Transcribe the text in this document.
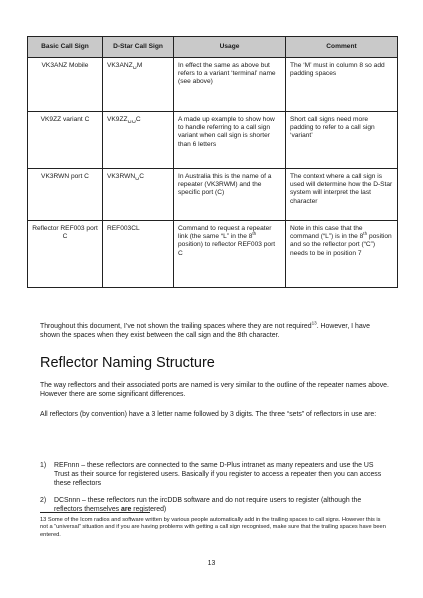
Basic Call Sign	D-Star Call Sign	Usage	Comment
VK3ANZ Mobile	VK3ANZ␣M	In effect the same as above but refers to a variant ‘terminal’ name (see above)	The ‘M’ must in column 8 so add padding spaces
VK9ZZ variant C	VK9ZZ␣␣C	A made up example to show how to handle referring to a call sign variant when call sign is shorter than 6 letters	Short call signs need more padding to refer to a call sign ‘variant’
VK3RWN port C	VK3RWN␣C	In Australia this is the name of a repeater (VK3RWM) and the specific port (C)	The context where a call sign is used will determine how the D-Star system will interpret the last character
Reflector REF003 port C	REF003CL	Command to request a repeater link (the same “L” in the 8th position) to reflector REF003 port C	Note in this case that the command (“L”) is in the 8th position and so the reflector port (“C”) needs to be in position 7

Throughout this document, I’ve not shown the trailing spaces where they are not required$^{13}$. However, I have shown the spaces when they exist between the call sign and the 8th character.

Reflector Naming Structure

The way reflectors and their associated ports are named is very similar to the outline of the repeater names above. However there are some significant differences.

All reflectors (by convention) have a 3 letter name followed by 3 digits. The three “sets” of reflectors in use are:

1) REFnnn – these reflectors are connected to the same D-Plus intranet as many repeaters and use the US Trust as their source for registered users. Basically if you register to access a repeater then you can access these reflectors
2) DCSnnn – these reflectors run the ircDDB software and do not require users to register (although the reflectors themselves are registered)

13 Some of the Icom radios and software written by various people automatically add in the trailing spaces to call signs. However this is not a “universal” situation and if you are having problems with getting a call sign recognised, make sure that the trailing spaces have been entered.

13
